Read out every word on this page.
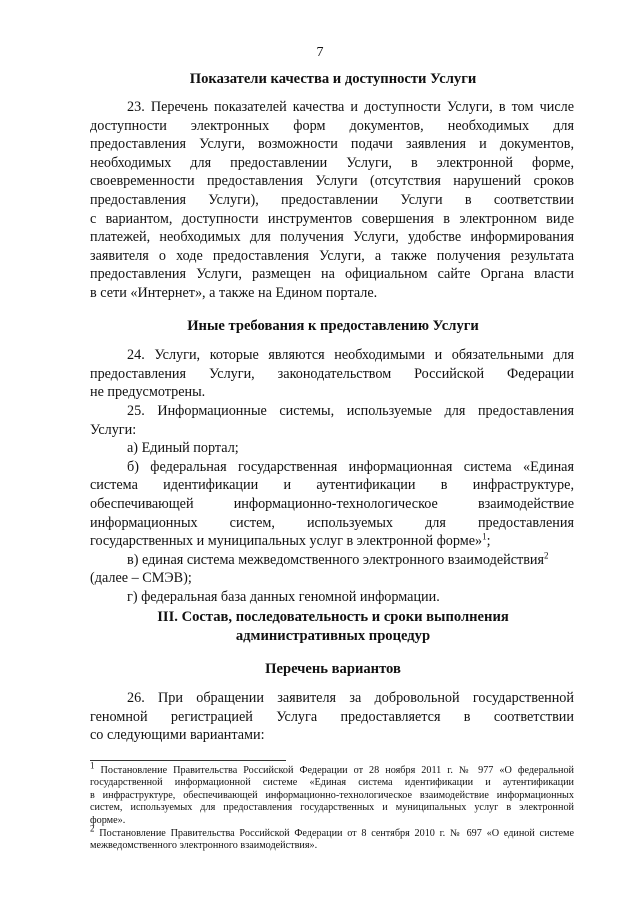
7
Показатели качества и доступности Услуги
23. Перечень показателей качества и доступности Услуги, в том числе
доступности электронных форм документов, необходимых для
предоставления Услуги, возможности подачи заявления и документов,
необходимых для предоставлении Услуги, в электронной форме,
своевременности предоставления Услуги (отсутствия нарушений сроков
предоставления Услуги), предоставлении Услуги в соответствии
с вариантом, доступности инструментов совершения в электронном виде
платежей, необходимых для получения Услуги, удобстве информирования
заявителя о ходе предоставления Услуги, а также получения результата
предоставления Услуги, размещен на официальном сайте Органа власти
в сети «Интернет», а также на Едином портале.
Иные требования к предоставлению Услуги
24. Услуги, которые являются необходимыми и обязательными для
предоставления Услуги, законодательством Российской Федерации
не предусмотрены.
25. Информационные системы, используемые для предоставления
Услуги:
а) Единый портал;
б) федеральная государственная информационная система «Единая
система идентификации и аутентификации в инфраструктуре,
обеспечивающей информационно-технологическое взаимодействие
информационных систем, используемых для предоставления
государственных и муниципальных услуг в электронной форме»$^1$;
в) единая система межведомственного электронного взаимодействия$^2$
(далее – СМЭВ);
г) федеральная база данных геномной информации.
III. Состав, последовательность и сроки выполнения
административных процедур
Перечень вариантов
26. При обращении заявителя за добровольной государственной
геномной регистрацией Услуга предоставляется в соответствии
со следующими вариантами:
$^1$ Постановление Правительства Российской Федерации от 28 ноября 2011 г. № 977 «О федеральной
государственной информационной системе «Единая система идентификации и аутентификации
в инфраструктуре, обеспечивающей информационно-технологическое взаимодействие информационных
систем, используемых для предоставления государственных и муниципальных услуг в электронной
форме».
$^2$ Постановление Правительства Российской Федерации от 8 сентября 2010 г. № 697 «О единой системе
межведомственного электронного взаимодействия».
